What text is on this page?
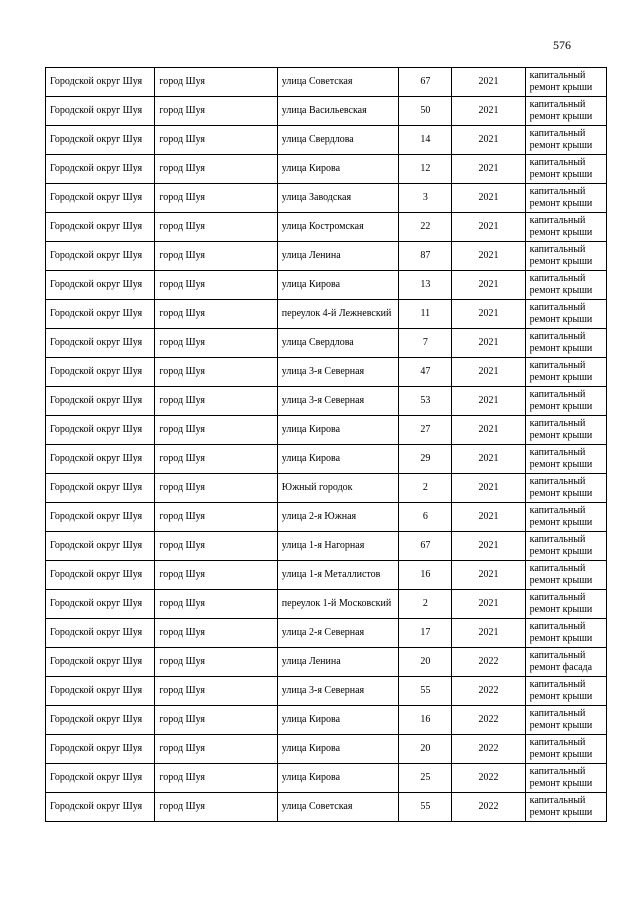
576
Городской округ Шуя	город Шуя	улица Советская	67	2021	капитальный ремонт крыши

Городской округ Шуя	город Шуя	улица Васильевская	50	2021	капитальный ремонт крыши

Городской округ Шуя	город Шуя	улица Свердлова	14	2021	капитальный ремонт крыши

Городской округ Шуя	город Шуя	улица Кирова	12	2021	капитальный ремонт крыши

Городской округ Шуя	город Шуя	улица Заводская	3	2021	капитальный ремонт крыши

Городской округ Шуя	город Шуя	улица Костромская	22	2021	капитальный ремонт крыши

Городской округ Шуя	город Шуя	улица Ленина	87	2021	капитальный ремонт крыши

Городской округ Шуя	город Шуя	улица Кирова	13	2021	капитальный ремонт крыши

Городской округ Шуя	город Шуя	переулок 4-й Лежневский	11	2021	капитальный ремонт крыши

Городской округ Шуя	город Шуя	улица Свердлова	7	2021	капитальный ремонт крыши

Городской округ Шуя	город Шуя	улица 3-я Северная	47	2021	капитальный ремонт крыши

Городской округ Шуя	город Шуя	улица 3-я Северная	53	2021	капитальный ремонт крыши

Городской округ Шуя	город Шуя	улица Кирова	27	2021	капитальный ремонт крыши

Городской округ Шуя	город Шуя	улица Кирова	29	2021	капитальный ремонт крыши

Городской округ Шуя	город Шуя	Южный городок	2	2021	капитальный ремонт крыши

Городской округ Шуя	город Шуя	улица 2-я Южная	6	2021	капитальный ремонт крыши

Городской округ Шуя	город Шуя	улица 1-я Нагорная	67	2021	капитальный ремонт крыши

Городской округ Шуя	город Шуя	улица 1-я Металлистов	16	2021	капитальный ремонт крыши

Городской округ Шуя	город Шуя	переулок 1-й Московский	2	2021	капитальный ремонт крыши

Городской округ Шуя	город Шуя	улица 2-я Северная	17	2021	капитальный ремонт крыши

Городской округ Шуя	город Шуя	улица Ленина	20	2022	капитальный ремонт фасада

Городской округ Шуя	город Шуя	улица 3-я Северная	55	2022	капитальный ремонт крыши

Городской округ Шуя	город Шуя	улица Кирова	16	2022	капитальный ремонт крыши

Городской округ Шуя	город Шуя	улица Кирова	20	2022	капитальный ремонт крыши

Городской округ Шуя	город Шуя	улица Кирова	25	2022	капитальный ремонт крыши

Городской округ Шуя	город Шуя	улица Советская	55	2022	капитальный ремонт крыши
